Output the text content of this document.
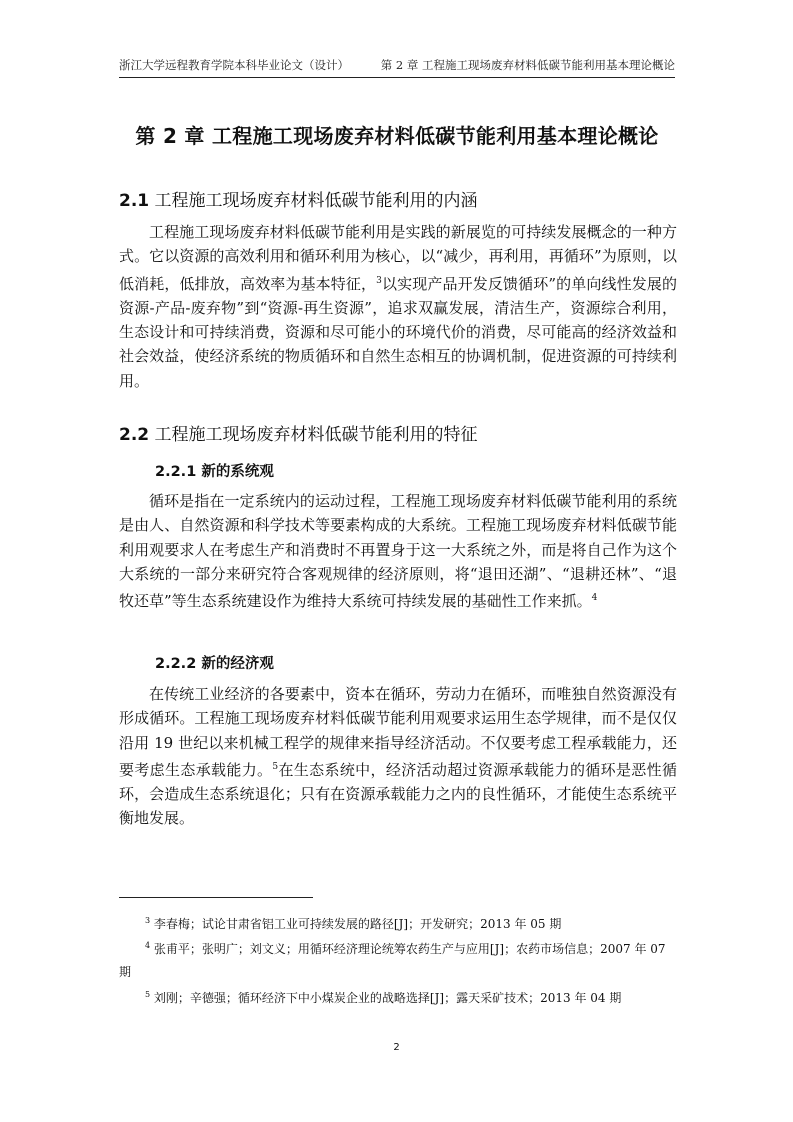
浙江大学远程教育学院本科毕业论文（设计）	第 2 章 工程施工现场废弃材料低碳节能利用基本理论概论
第 2 章 工程施工现场废弃材料低碳节能利用基本理论概论
2.1 工程施工现场废弃材料低碳节能利用的内涵

工程施工现场废弃材料低碳节能利用是实践的新展览的可持续发展概念的一种方式。它以资源的高效利用和循环利用为核心，以“减少，再利用，再循环”为原则，以低消耗，低排放，高效率为基本特征，$^3$以实现产品开发反馈循环”的单向线性发展的资源-产品-废弃物”到“资源-再生资源”，追求双赢发展，清洁生产，资源综合利用，生态设计和可持续消费，资源和尽可能小的环境代价的消费，尽可能高的经济效益和社会效益，使经济系统的物质循环和自然生态相互的协调机制，促进资源的可持续利用。

2.2 工程施工现场废弃材料低碳节能利用的特征
2.2.1 新的系统观

循环是指在一定系统内的运动过程，工程施工现场废弃材料低碳节能利用的系统是由人、自然资源和科学技术等要素构成的大系统。工程施工现场废弃材料低碳节能利用观要求人在考虑生产和消费时不再置身于这一大系统之外，而是将自己作为这个大系统的一部分来研究符合客观规律的经济原则，将“退田还湖”、“退耕还林”、“退牧还草”等生态系统建设作为维持大系统可持续发展的基础性工作来抓。$^4$

2.2.2 新的经济观

在传统工业经济的各要素中，资本在循环，劳动力在循环，而唯独自然资源没有形成循环。工程施工现场废弃材料低碳节能利用观要求运用生态学规律，而不是仅仅沿用 19 世纪以来机械工程学的规律来指导经济活动。不仅要考虑工程承载能力，还要考虑生态承载能力。$^5$在生态系统中，经济活动超过资源承载能力的循环是恶性循环，会造成生态系统退化；只有在资源承载能力之内的良性循环，才能使生态系统平衡地发展。

$^3$ 李春梅；试论甘肃省铝工业可持续发展的路径[J]；开发研究；2013 年 05 期

$^4$ 张甫平；张明广；刘文义；用循环经济理论统筹农药生产与应用[J]；农药市场信息；2007 年 07 期

$^5$ 刘刚；辛德强；循环经济下中小煤炭企业的战略选择[J]；露天采矿技术；2013 年 04 期

2
